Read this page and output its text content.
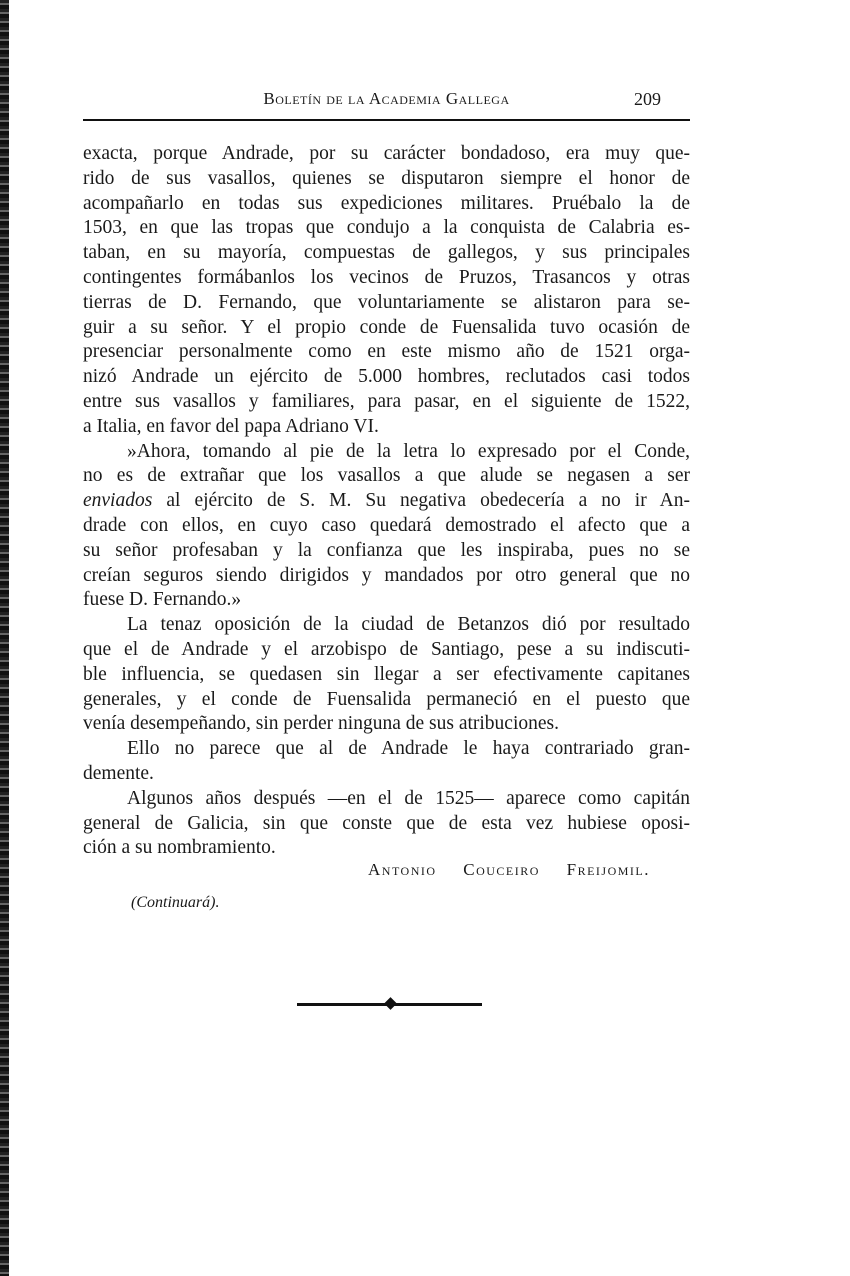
Boletín de la Academia Gallega	209
exacta, porque Andrade, por su carácter bondadoso, era muy que-
rido de sus vasallos, quienes se disputaron siempre el honor de
acompañarlo en todas sus expediciones militares. Pruébalo la de
1503, en que las tropas que condujo a la conquista de Calabria es-
taban, en su mayoría, compuestas de gallegos, y sus principales
contingentes formábanlos los vecinos de Pruzos, Trasancos y otras
tierras de D. Fernando, que voluntariamente se alistaron para se-
guir a su señor. Y el propio conde de Fuensalida tuvo ocasión de
presenciar personalmente como en este mismo año de 1521 orga-
nizó Andrade un ejército de 5.000 hombres, reclutados casi todos
entre sus vasallos y familiares, para pasar, en el siguiente de 1522,
a Italia, en favor del papa Adriano VI.
»Ahora, tomando al pie de la letra lo expresado por el Conde,
no es de extrañar que los vasallos a que alude se negasen a ser
enviados al ejército de S. M. Su negativa obedecería a no ir An-
drade con ellos, en cuyo caso quedará demostrado el afecto que a
su señor profesaban y la confianza que les inspiraba, pues no se
creían seguros siendo dirigidos y mandados por otro general que no
fuese D. Fernando.»
La tenaz oposición de la ciudad de Betanzos dió por resultado
que el de Andrade y el arzobispo de Santiago, pese a su indiscuti-
ble influencia, se quedasen sin llegar a ser efectivamente capitanes
generales, y el conde de Fuensalida permaneció en el puesto que
venía desempeñando, sin perder ninguna de sus atribuciones.
Ello no parece que al de Andrade le haya contrariado gran-
demente.
Algunos años después —en el de 1525— aparece como capitán
general de Galicia, sin que conste que de esta vez hubiese oposi-
ción a su nombramiento.
Antonio Couceiro Freijomil.
(Continuará).
